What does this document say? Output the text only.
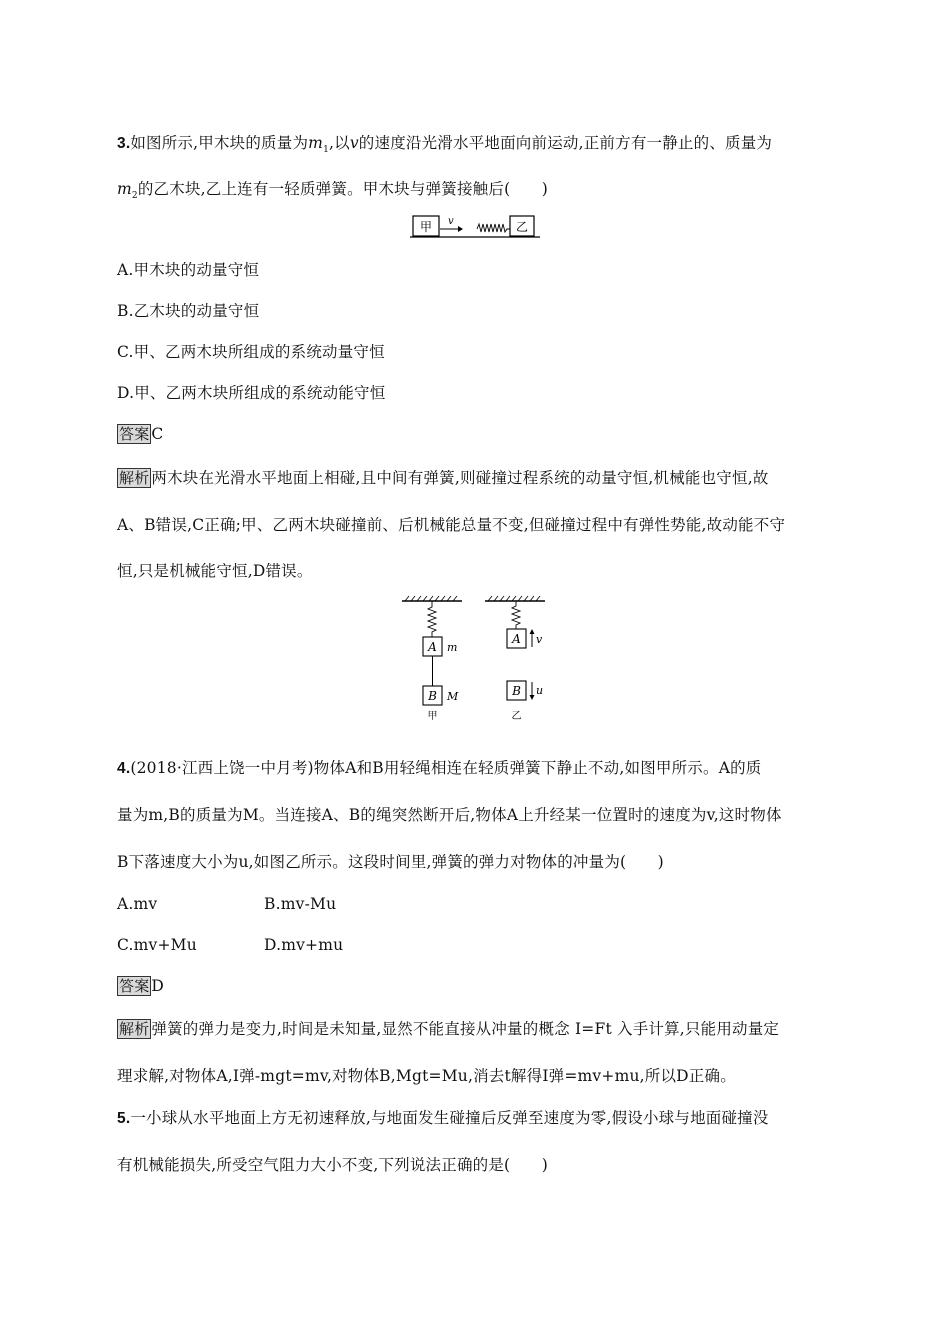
3.如图所示,甲木块的质量为$m_1$,以v的速度沿光滑水平地面向前运动,正前方有一静止的、质量为
$m_2$的乙木块,乙上连有一轻质弹簧。甲木块与弹簧接触后(　　)
甲 v	乙
A.甲木块的动量守恒
B.乙木块的动量守恒
C.甲、乙两木块所组成的系统动量守恒
D.甲、乙两木块所组成的系统动能守恒
答案 C
解析 两木块在光滑水平地面上相碰,且中间有弹簧,则碰撞过程系统的动量守恒,机械能也守恒,故
A、B错误,C正确;甲、乙两木块碰撞前、后机械能总量不变,但碰撞过程中有弹性势能,故动能不守
恒,只是机械能守恒,D错误。
A m
B M
甲
A v
B u
乙
4.(2018·江西上饶一中月考)物体A和B用轻绳相连在轻质弹簧下静止不动,如图甲所示。A的质
量为m,B的质量为M。当连接A、B的绳突然断开后,物体A上升经某一位置时的速度为v,这时物体
B下落速度大小为u,如图乙所示。这段时间里,弹簧的弹力对物体的冲量为(　　)
A.mv	B.mv-Mu
C.mv+Mu	D.mv+mu
答案 D
解析 弹簧的弹力是变力,时间是未知量,显然不能直接从冲量的概念 I=Ft 入手计算,只能用动量定
理求解,对物体A,I弹-mgt=mv,对物体B,Mgt=Mu,消去t解得I弹=mv+mu,所以D正确。
5.一小球从水平地面上方无初速释放,与地面发生碰撞后反弹至速度为零,假设小球与地面碰撞没
有机械能损失,所受空气阻力大小不变,下列说法正确的是(　　)
